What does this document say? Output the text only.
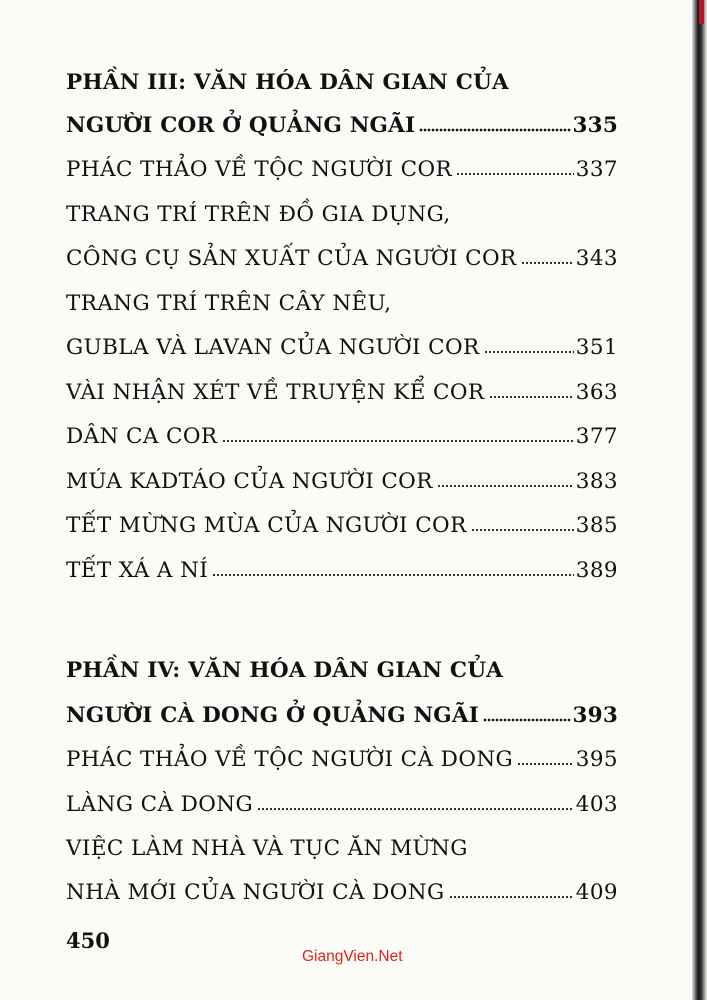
PHẦN III: VĂN HÓA DÂN GIAN CỦA
NGƯỜI COR Ở QUẢNG NGÃI	335
PHÁC THẢO VỀ TỘC NGƯỜI COR	337
TRANG TRÍ TRÊN ĐỒ GIA DỤNG,
CÔNG CỤ SẢN XUẤT CỦA NGƯỜI COR	343
TRANG TRÍ TRÊN CÂY NÊU,
GUBLA VÀ LAVAN CỦA NGƯỜI COR	351
VÀI NHẬN XÉT VỀ TRUYỆN KỂ COR	363
DÂN CA COR	377
MÚA KADTÁO CỦA NGƯỜI COR	383
TẾT MỪNG MÙA CỦA NGƯỜI COR	385
TẾT XÁ A NÍ	389
PHẦN IV: VĂN HÓA DÂN GIAN CỦA
NGƯỜI CÀ DONG Ở QUẢNG NGÃI	393
PHÁC THẢO VỀ TỘC NGƯỜI CÀ DONG	395
LÀNG CÀ DONG	403
VIỆC LÀM NHÀ VÀ TỤC ĂN MỪNG
NHÀ MỚI CỦA NGƯỜI CÀ DONG	409
450
GiangVien.Net
